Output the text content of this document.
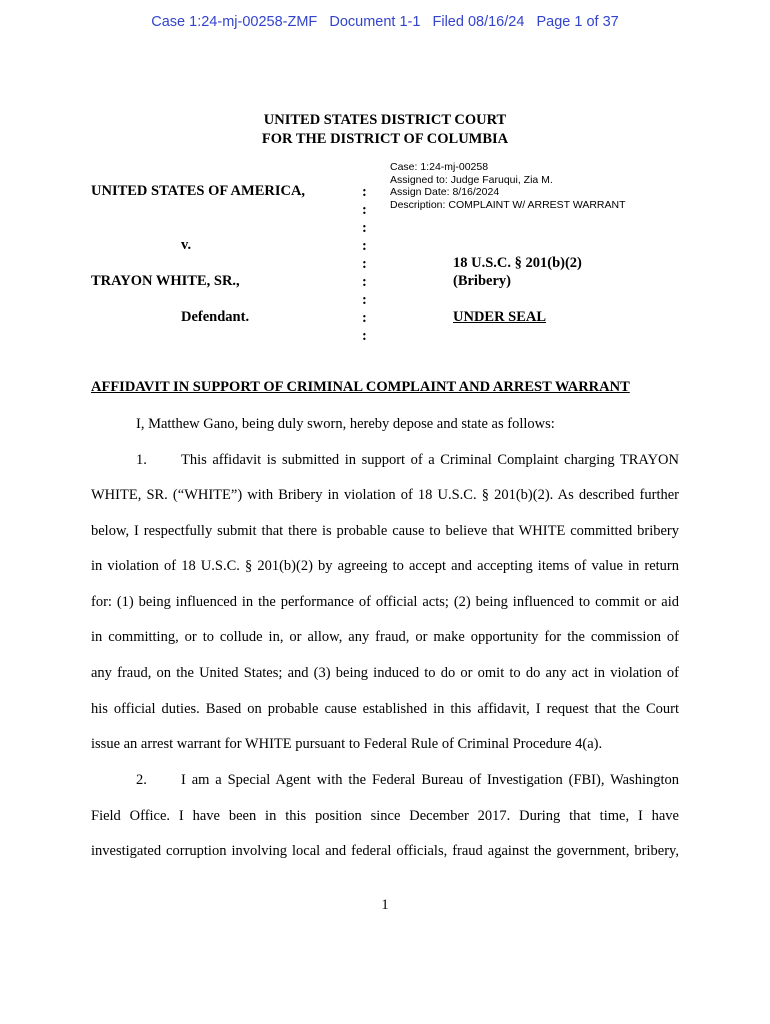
Case 1:24-mj-00258-ZMF   Document 1-1   Filed 08/16/24   Page 1 of 37
UNITED STATES DISTRICT COURT
FOR THE DISTRICT OF COLUMBIA
Case: 1:24-mj-00258
Assigned to: Judge Faruqui, Zia M.
Assign Date: 8/16/2024
Description: COMPLAINT W/ ARREST WARRANT
UNITED STATES OF AMERICA,
v.
TRAYON WHITE, SR.,
Defendant.
:
:
:
:
:
:
:
:
:
18 U.S.C. § 201(b)(2)
(Bribery)
UNDER SEAL
AFFIDAVIT IN SUPPORT OF CRIMINAL COMPLAINT AND ARREST WARRANT
I, Matthew Gano, being duly sworn, hereby depose and state as follows:
1. This affidavit is submitted in support of a Criminal Complaint charging TRAYON
WHITE, SR. (“WHITE”) with Bribery in violation of 18 U.S.C. § 201(b)(2). As described further
below, I respectfully submit that there is probable cause to believe that WHITE committed bribery
in violation of 18 U.S.C. § 201(b)(2) by agreeing to accept and accepting items of value in return
for: (1) being influenced in the performance of official acts; (2) being influenced to commit or aid
in committing, or to collude in, or allow, any fraud, or make opportunity for the commission of
any fraud, on the United States; and (3) being induced to do or omit to do any act in violation of
his official duties. Based on probable cause established in this affidavit, I request that the Court
issue an arrest warrant for WHITE pursuant to Federal Rule of Criminal Procedure 4(a).
2. I am a Special Agent with the Federal Bureau of Investigation (FBI), Washington
Field Office. I have been in this position since December 2017. During that time, I have
investigated corruption involving local and federal officials, fraud against the government, bribery,
1
